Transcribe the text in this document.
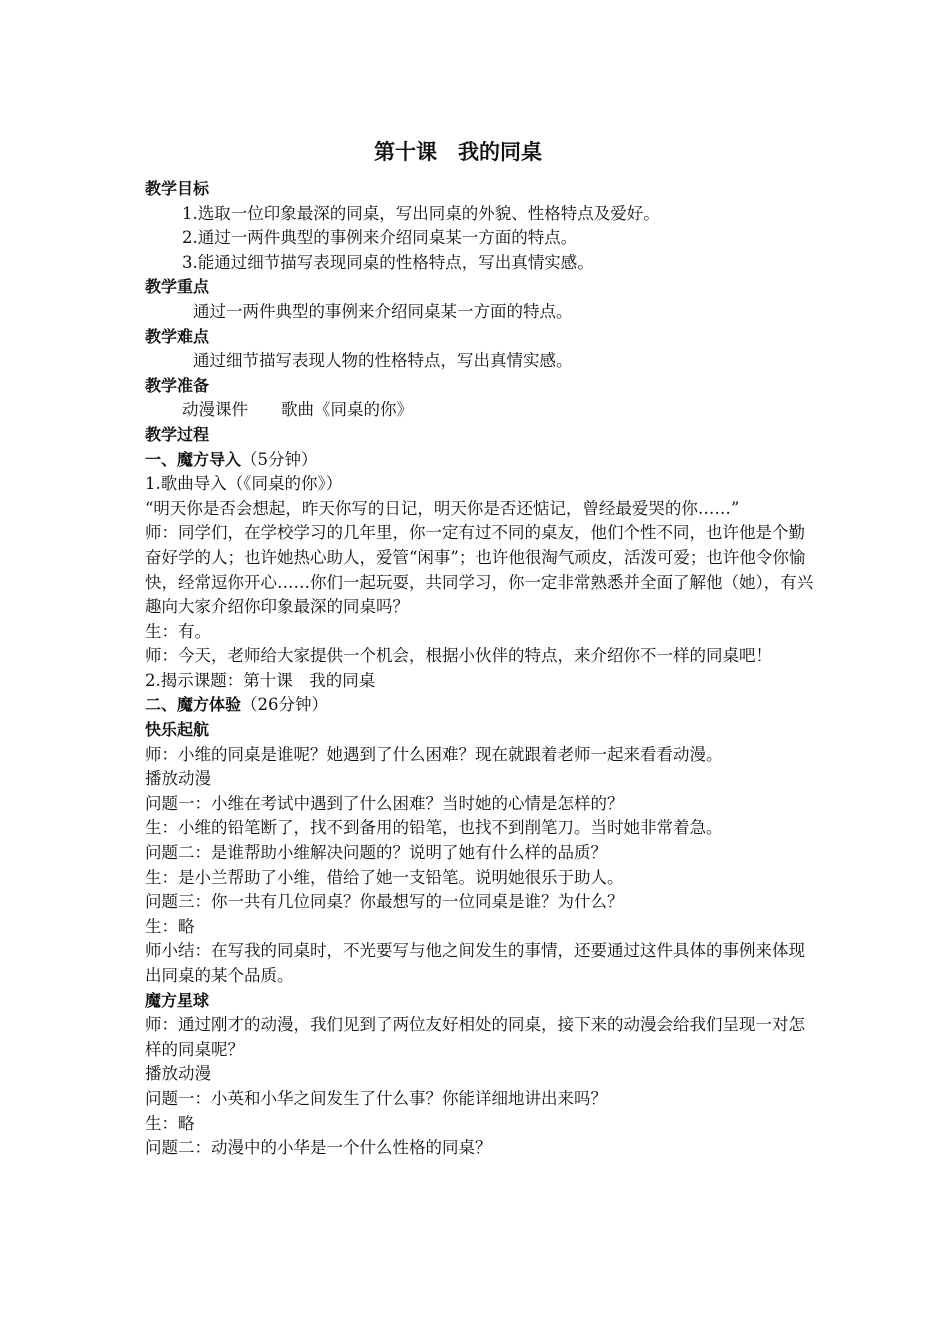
第十课　我的同桌

教学目标

1.选取一位印象最深的同桌，写出同桌的外貌、性格特点及爱好。

2.通过一两件典型的事例来介绍同桌某一方面的特点。

3.能通过细节描写表现同桌的性格特点，写出真情实感。

教学重点

通过一两件典型的事例来介绍同桌某一方面的特点。

教学难点

通过细节描写表现人物的性格特点，写出真情实感。

教学准备

动漫课件　　歌曲《同桌的你》

教学过程

一、魔方导入（5分钟）

1.歌曲导入（《同桌的你》）

“明天你是否会想起，昨天你写的日记，明天你是否还惦记，曾经最爱哭的你……”

师：同学们，在学校学习的几年里，你一定有过不同的桌友，他们个性不同，也许他是个勤奋好学的人；也许她热心助人，爱管“闲事”；也许他很淘气顽皮，活泼可爱；也许他令你愉快，经常逗你开心……你们一起玩耍，共同学习，你一定非常熟悉并全面了解他（她），有兴趣向大家介绍你印象最深的同桌吗？

生：有。

师：今天，老师给大家提供一个机会，根据小伙伴的特点，来介绍你不一样的同桌吧！

2.揭示课题：第十课　我的同桌

二、魔方体验（26分钟）

快乐起航

师：小维的同桌是谁呢？她遇到了什么困难？现在就跟着老师一起来看看动漫。

播放动漫

问题一：小维在考试中遇到了什么困难？当时她的心情是怎样的？

生：小维的铅笔断了，找不到备用的铅笔，也找不到削笔刀。当时她非常着急。

问题二：是谁帮助小维解决问题的？说明了她有什么样的品质？

生：是小兰帮助了小维，借给了她一支铅笔。说明她很乐于助人。

问题三：你一共有几位同桌？你最想写的一位同桌是谁？为什么？

生：略

师小结：在写我的同桌时，不光要写与他之间发生的事情，还要通过这件具体的事例来体现出同桌的某个品质。

魔方星球

师：通过刚才的动漫，我们见到了两位友好相处的同桌，接下来的动漫会给我们呈现一对怎样的同桌呢？

播放动漫

问题一：小英和小华之间发生了什么事？你能详细地讲出来吗？

生：略

问题二：动漫中的小华是一个什么性格的同桌？
